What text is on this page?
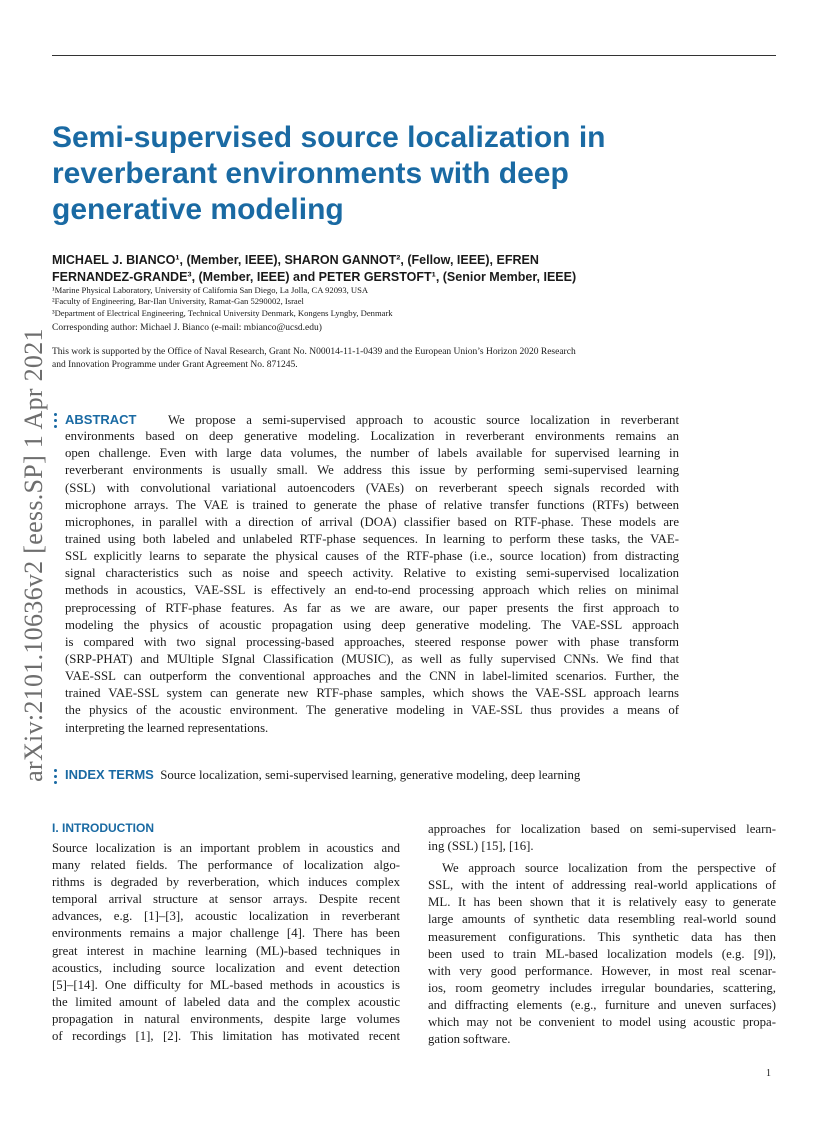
arXiv:2101.10636v2 [eess.SP] 1 Apr 2021
Semi-supervised source localization in
reverberant environments with deep
generative modeling
MICHAEL J. BIANCO¹, (Member, IEEE), SHARON GANNOT², (Fellow, IEEE), EFREN
FERNANDEZ-GRANDE³, (Member, IEEE) and PETER GERSTOFT¹, (Senior Member, IEEE)
¹Marine Physical Laboratory, University of California San Diego, La Jolla, CA 92093, USA
²Faculty of Engineering, Bar-Ilan University, Ramat-Gan 5290002, Israel
³Department of Electrical Engineering, Technical University Denmark, Kongens Lyngby, Denmark
Corresponding author: Michael J. Bianco (e-mail: mbianco@ucsd.edu)
This work is supported by the Office of Naval Research, Grant No. N00014-11-1-0439 and the European Union’s Horizon 2020 Research
and Innovation Programme under Grant Agreement No. 871245.
ABSTRACT We propose a semi-supervised approach to acoustic source localization in reverberant
environments based on deep generative modeling. Localization in reverberant environments remains an
open challenge. Even with large data volumes, the number of labels available for supervised learning in
reverberant environments is usually small. We address this issue by performing semi-supervised learning
(SSL) with convolutional variational autoencoders (VAEs) on reverberant speech signals recorded with
microphone arrays. The VAE is trained to generate the phase of relative transfer functions (RTFs) between
microphones, in parallel with a direction of arrival (DOA) classifier based on RTF-phase. These models are
trained using both labeled and unlabeled RTF-phase sequences. In learning to perform these tasks, the VAE-
SSL explicitly learns to separate the physical causes of the RTF-phase (i.e., source location) from distracting
signal characteristics such as noise and speech activity. Relative to existing semi-supervised localization
methods in acoustics, VAE-SSL is effectively an end-to-end processing approach which relies on minimal
preprocessing of RTF-phase features. As far as we are aware, our paper presents the first approach to
modeling the physics of acoustic propagation using deep generative modeling. The VAE-SSL approach
is compared with two signal processing-based approaches, steered response power with phase transform
(SRP-PHAT) and MUltiple SIgnal Classification (MUSIC), as well as fully supervised CNNs. We find that
VAE-SSL can outperform the conventional approaches and the CNN in label-limited scenarios. Further, the
trained VAE-SSL system can generate new RTF-phase samples, which shows the VAE-SSL approach learns
the physics of the acoustic environment. The generative modeling in VAE-SSL thus provides a means of
interpreting the learned representations.
INDEX TERMS Source localization, semi-supervised learning, generative modeling, deep learning
I. INTRODUCTION
Source localization is an important problem in acoustics and
many related fields. The performance of localization algo-
rithms is degraded by reverberation, which induces complex
temporal arrival structure at sensor arrays. Despite recent
advances, e.g. [1]–[3], acoustic localization in reverberant
environments remains a major challenge [4]. There has been
great interest in machine learning (ML)-based techniques in
acoustics, including source localization and event detection
[5]–[14]. One difficulty for ML-based methods in acoustics is
the limited amount of labeled data and the complex acoustic
propagation in natural environments, despite large volumes
of recordings [1], [2]. This limitation has motivated recent
approaches for localization based on semi-supervised learn-
ing (SSL) [15], [16].
We approach source localization from the perspective of
SSL, with the intent of addressing real-world applications of
ML. It has been shown that it is relatively easy to generate
large amounts of synthetic data resembling real-world sound
measurement configurations. This synthetic data has then
been used to train ML-based localization models (e.g. [9]),
with very good performance. However, in most real scenar-
ios, room geometry includes irregular boundaries, scattering,
and diffracting elements (e.g., furniture and uneven surfaces)
which may not be convenient to model using acoustic propa-
gation software.
1
